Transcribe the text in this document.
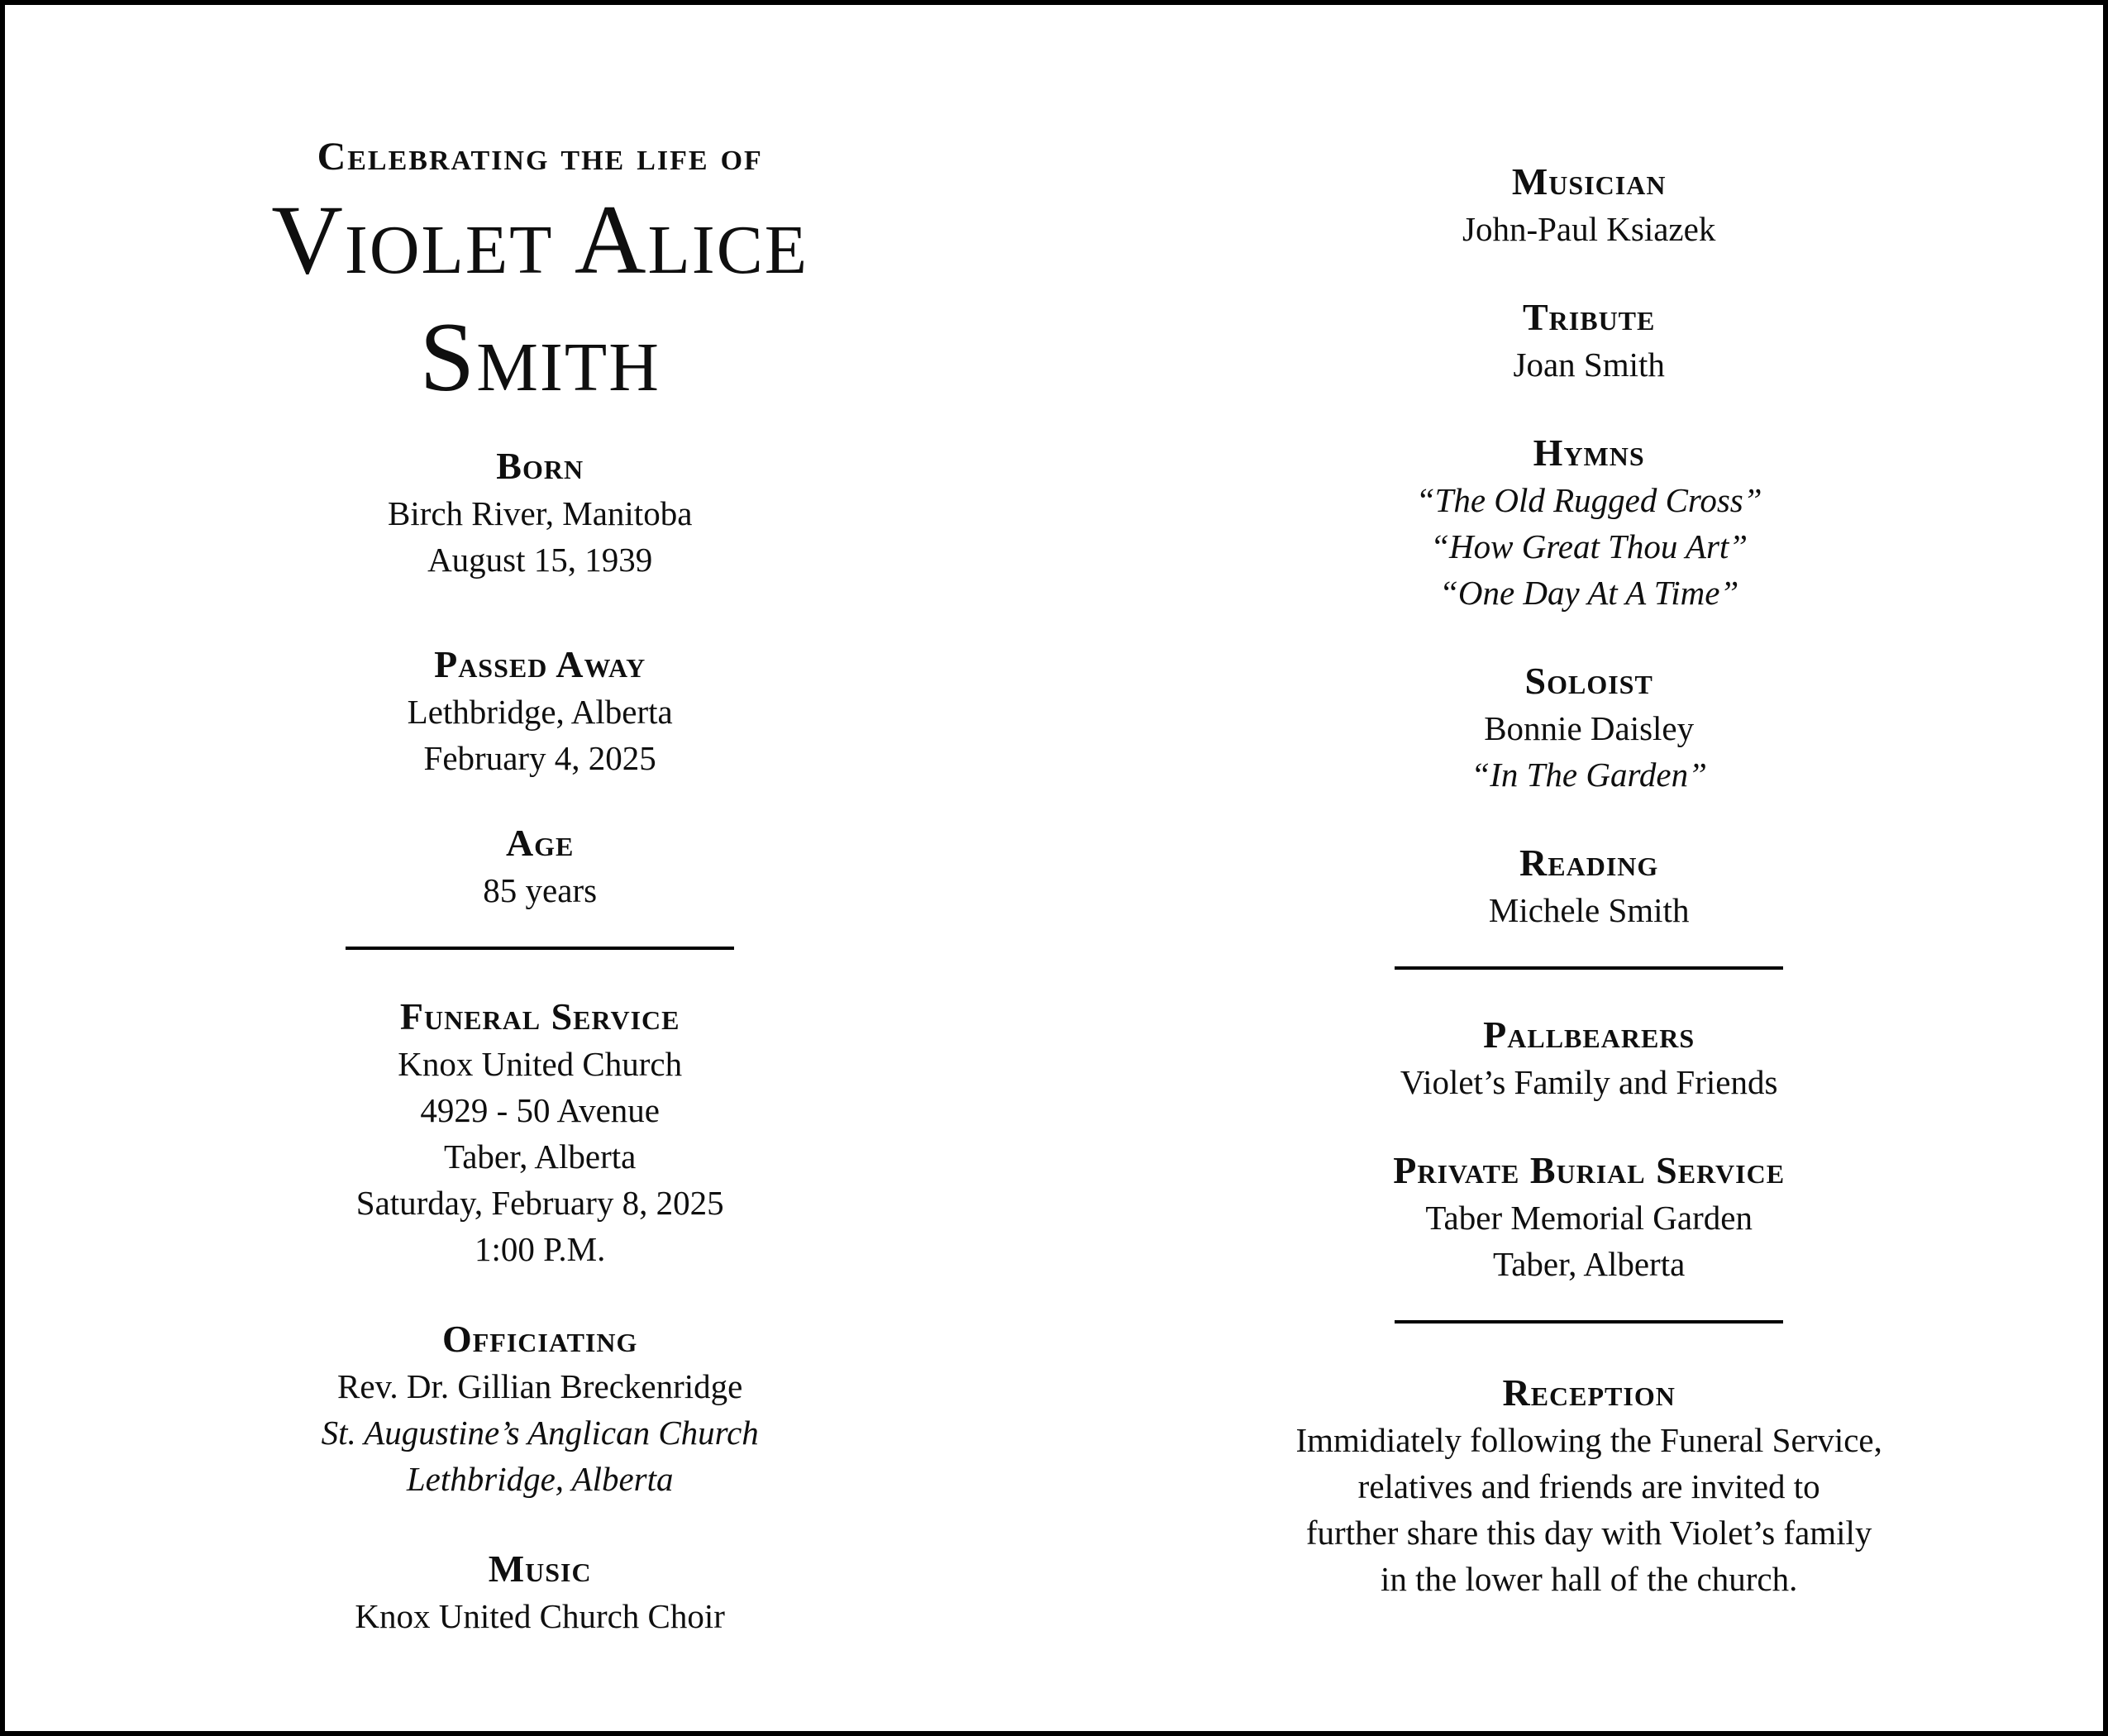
Celebrating the life of
Violet Alice
Smith
Born
Birch River, Manitoba
August 15, 1939
Passed Away
Lethbridge, Alberta
February 4, 2025
Age
85 years
Funeral Service
Knox United Church
4929 - 50 Avenue
Taber, Alberta
Saturday, February 8, 2025
1:00 P.M.
Officiating
Rev. Dr. Gillian Breckenridge
St. Augustine’s Anglican Church
Lethbridge, Alberta
Music
Knox United Church Choir
Musician
John-Paul Ksiazek
Tribute
Joan Smith
Hymns
“The Old Rugged Cross”
“How Great Thou Art”
“One Day At A Time”
Soloist
Bonnie Daisley
“In The Garden”
Reading
Michele Smith
Pallbearers
Violet’s Family and Friends
Private Burial Service
Taber Memorial Garden
Taber, Alberta
Reception
Immidiately following the Funeral Service,
relatives and friends are invited to
further share this day with Violet’s family
in the lower hall of the church.
